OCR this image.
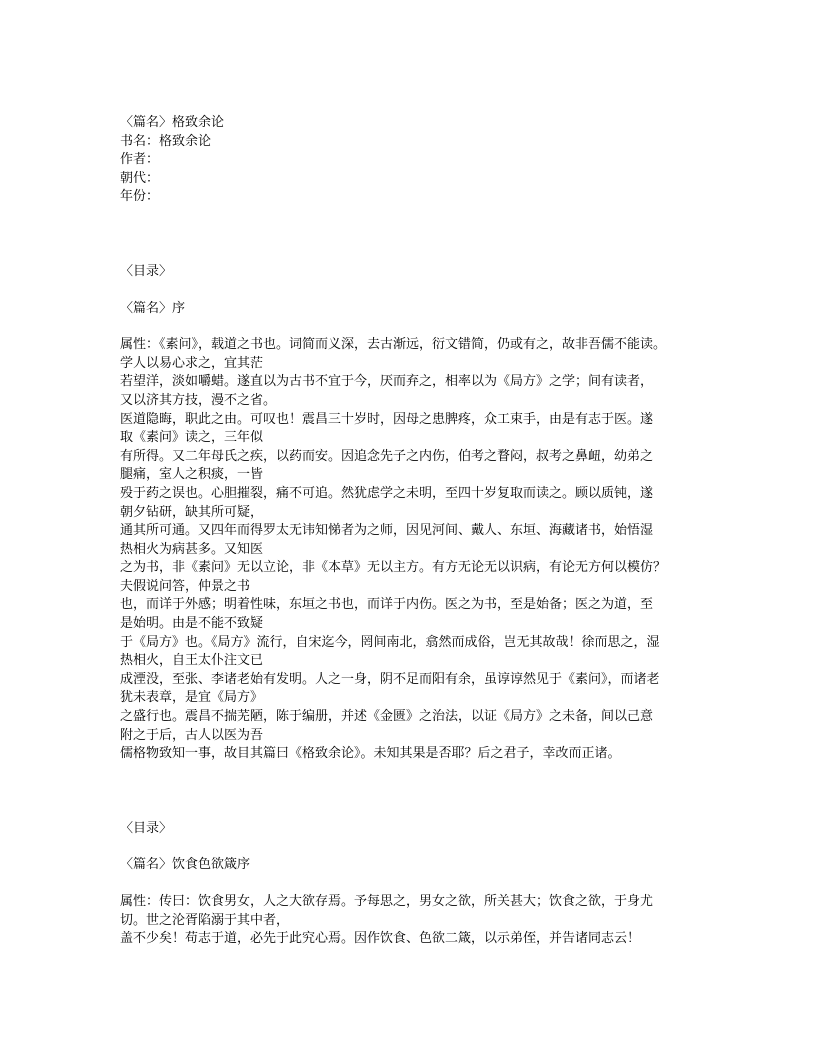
〈篇名〉格致余论

书名：格致余论

作者：

朝代：

年份：

〈目录〉

〈篇名〉序

属性：《素问》，载道之书也。词简而义深，去古渐远，衍文错简，仍或有之，故非吾儒不能读。

学人以易心求之，宜其茫

若望洋，淡如嚼蜡。遂直以为古书不宜于今，厌而弃之，相率以为《局方》之学；间有读者，

又以济其方技，漫不之省。

医道隐晦，职此之由。可叹也！震昌三十岁时，因母之患脾疼，众工束手，由是有志于医。遂

取《素问》读之，三年似

有所得。又二年母氏之疾，以药而安。因追念先子之内伤，伯考之瞀闷，叔考之鼻衄，幼弟之

腿痛，室人之积痰，一皆

殁于药之误也。心胆摧裂，痛不可追。然犹虑学之未明，至四十岁复取而读之。顾以质钝，遂

朝夕钻研，缺其所可疑，

通其所可通。又四年而得罗太无讳知悌者为之师，因见河间、戴人、东垣、海藏诸书，始悟湿

热相火为病甚多。又知医

之为书，非《素问》无以立论，非《本草》无以主方。有方无论无以识病，有论无方何以模仿？

夫假说问答，仲景之书

也，而详于外感；明着性味，东垣之书也，而详于内伤。医之为书，至是始备；医之为道，至

是始明。由是不能不致疑

于《局方》也。《局方》流行，自宋迄今，罔间南北，翕然而成俗，岂无其故哉！徐而思之，湿

热相火，自王太仆注文已

成湮没，至张、李诸老始有发明。人之一身，阴不足而阳有余，虽谆谆然见于《素问》，而诸老

犹未表章，是宜《局方》

之盛行也。震昌不揣芜陋，陈于编册，并述《金匮》之治法，以证《局方》之未备，间以己意

附之于后，古人以医为吾

儒格物致知一事，故目其篇曰《格致余论》。未知其果是否耶？后之君子，幸改而正诸。

〈目录〉

〈篇名〉饮食色欲箴序

属性：传曰：饮食男女，人之大欲存焉。予每思之，男女之欲，所关甚大；饮食之欲，于身尤

切。世之沦胥陷溺于其中者，

盖不少矣！苟志于道，必先于此究心焉。因作饮食、色欲二箴，以示弟侄，并告诸同志云！
